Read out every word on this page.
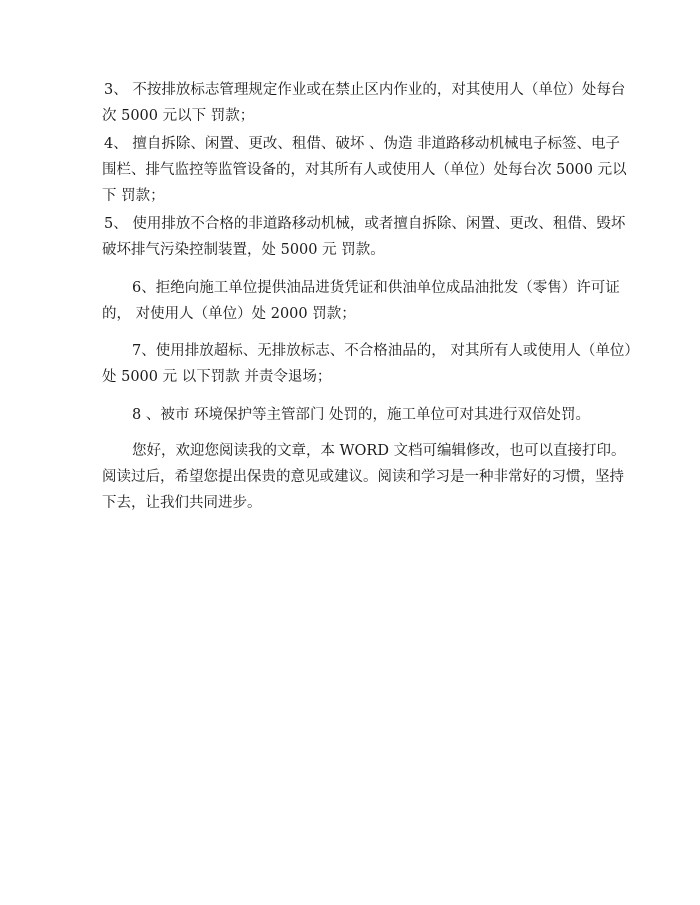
3、 不按排放标志管理规定作业或在禁止区内作业的，对其使用人（单位）处每台
次 5000 元以下 罚款；

4、 擅自拆除、闲置、更改、租借、破坏 、伪造 非道路移动机械电子标签、电子
围栏、排气监控等监管设备的，对其所有人或使用人（单位）处每台次 5000 元以
下 罚款；

5、 使用排放不合格的非道路移动机械，或者擅自拆除、闲置、更改、租借、毁坏
破坏排气污染控制装置，处 5000 元 罚款。

6、拒绝向施工单位提供油品进货凭证和供油单位成品油批发（零售）许可证
的， 对使用人（单位）处 2000 罚款；

7、使用排放超标、无排放标志、不合格油品的， 对其所有人或使用人（单位）
处 5000 元 以下罚款 并责令退场；

8 、被市 环境保护等主管部门 处罚的，施工单位可对其进行双倍处罚。

您好，欢迎您阅读我的文章，本 WORD 文档可编辑修改，也可以直接打印。
阅读过后，希望您提出保贵的意见或建议。阅读和学习是一种非常好的习惯，坚持
下去，让我们共同进步。
